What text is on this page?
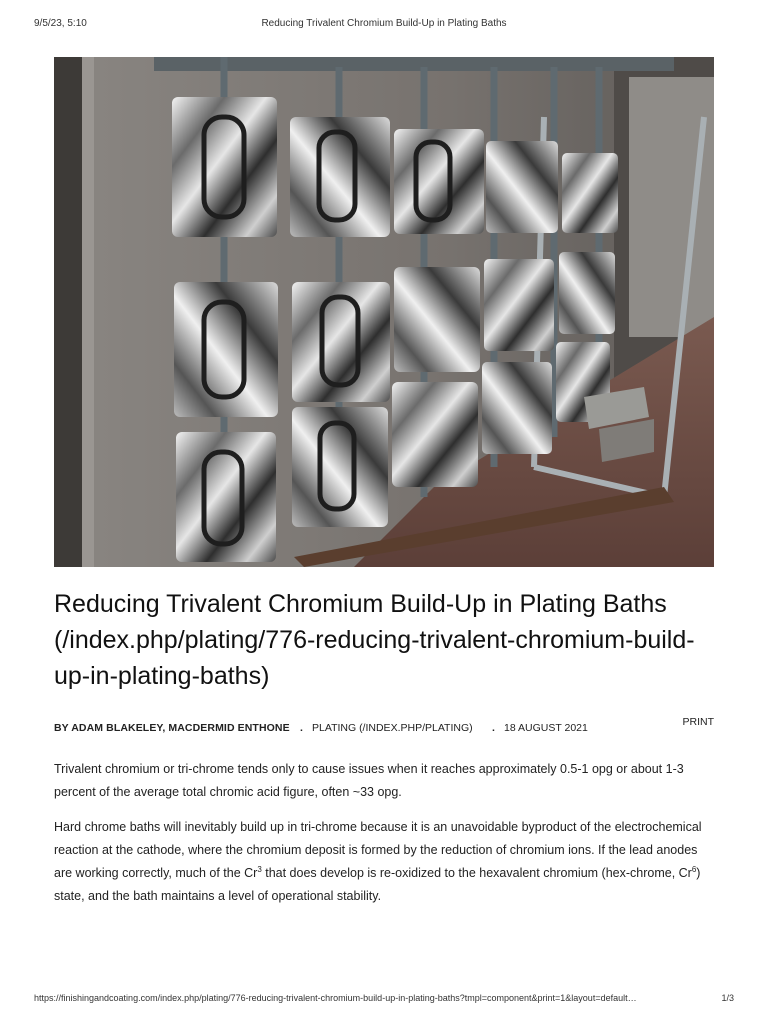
9/5/23, 5:10	Reducing Trivalent Chromium Build-Up in Plating Baths
Reducing Trivalent Chromium Build-Up in Plating Baths (/index.php/plating/776-reducing-trivalent-chromium-build-up-in-plating-baths)
BY ADAM BLAKELEY, MACDERMID ENTHONE . PLATING (/INDEX.PHP/PLATING) . 18 AUGUST 2021	PRINT

Trivalent chromium or tri-chrome tends only to cause issues when it reaches approximately 0.5-1 opg or about 1-3 percent of the average total chromic acid figure, often ~33 opg.

Hard chrome baths will inevitably build up in tri-chrome because it is an unavoidable byproduct of the electrochemical reaction at the cathode, where the chromium deposit is formed by the reduction of chromium ions. If the lead anodes are working correctly, much of the Cr$^3$ that does develop is re-oxidized to the hexavalent chromium (hex-chrome, Cr$^6$) state, and the bath maintains a level of operational stability.

https://finishingandcoating.com/index.php/plating/776-reducing-trivalent-chromium-build-up-in-plating-baths?tmpl=component&print=1&layout=default…	1/3
